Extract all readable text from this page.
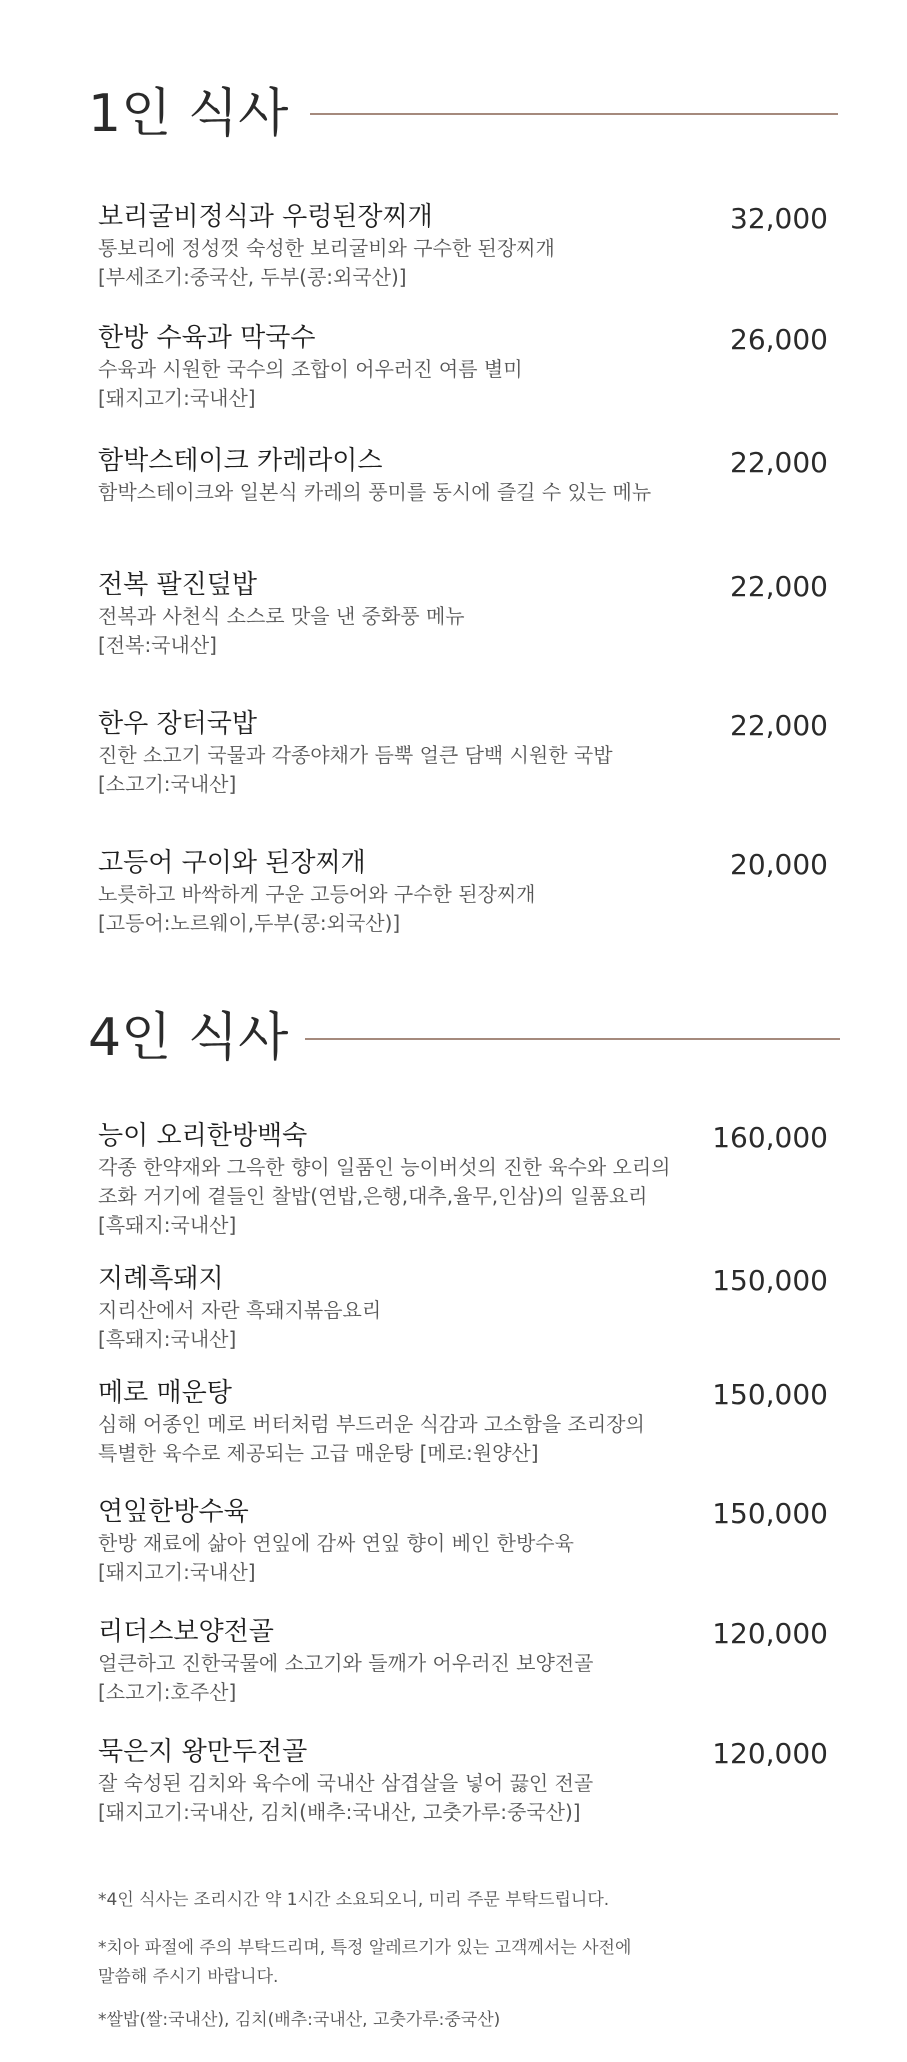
1인 식사
보리굴비정식과 우렁된장찌개	32,000
통보리에 정성껏 숙성한 보리굴비와 구수한 된장찌개
[부세조기:중국산, 두부(콩:외국산)]
한방 수육과 막국수	26,000
수육과 시원한 국수의 조합이 어우러진 여름 별미
[돼지고기:국내산]
함박스테이크 카레라이스	22,000
함박스테이크와 일본식 카레의 풍미를 동시에 즐길 수 있는 메뉴
전복 팔진덮밥	22,000
전복과 사천식 소스로 맛을 낸 중화풍 메뉴
[전복:국내산]
한우 장터국밥	22,000
진한 소고기 국물과 각종야채가 듬뿍 얼큰 담백 시원한 국밥
[소고기:국내산]
고등어 구이와 된장찌개	20,000
노릇하고 바싹하게 구운 고등어와 구수한 된장찌개
[고등어:노르웨이,두부(콩:외국산)]
4인 식사
능이 오리한방백숙	160,000
각종 한약재와 그윽한 향이 일품인 능이버섯의 진한 육수와 오리의
조화 거기에 곁들인 찰밥(연밥,은행,대추,율무,인삼)의 일품요리
[흑돼지:국내산]
지례흑돼지	150,000
지리산에서 자란 흑돼지볶음요리
[흑돼지:국내산]
메로 매운탕	150,000
심해 어종인 메로 버터처럼 부드러운 식감과 고소함을 조리장의
특별한 육수로 제공되는 고급 매운탕 [메로:원양산]
연잎한방수육	150,000
한방 재료에 삶아 연잎에 감싸 연잎 향이 베인 한방수육
[돼지고기:국내산]
리더스보양전골	120,000
얼큰하고 진한국물에 소고기와 들깨가 어우러진 보양전골
[소고기:호주산]
묵은지 왕만두전골	120,000
잘 숙성된 김치와 육수에 국내산 삼겹살을 넣어 끓인 전골
[돼지고기:국내산, 김치(배추:국내산, 고춧가루:중국산)]
*4인 식사는 조리시간 약 1시간 소요되오니, 미리 주문 부탁드립니다.
*치아 파절에 주의 부탁드리며, 특정 알레르기가 있는 고객께서는 사전에
말씀해 주시기 바랍니다.
*쌀밥(쌀:국내산), 김치(배추:국내산, 고춧가루:중국산)
